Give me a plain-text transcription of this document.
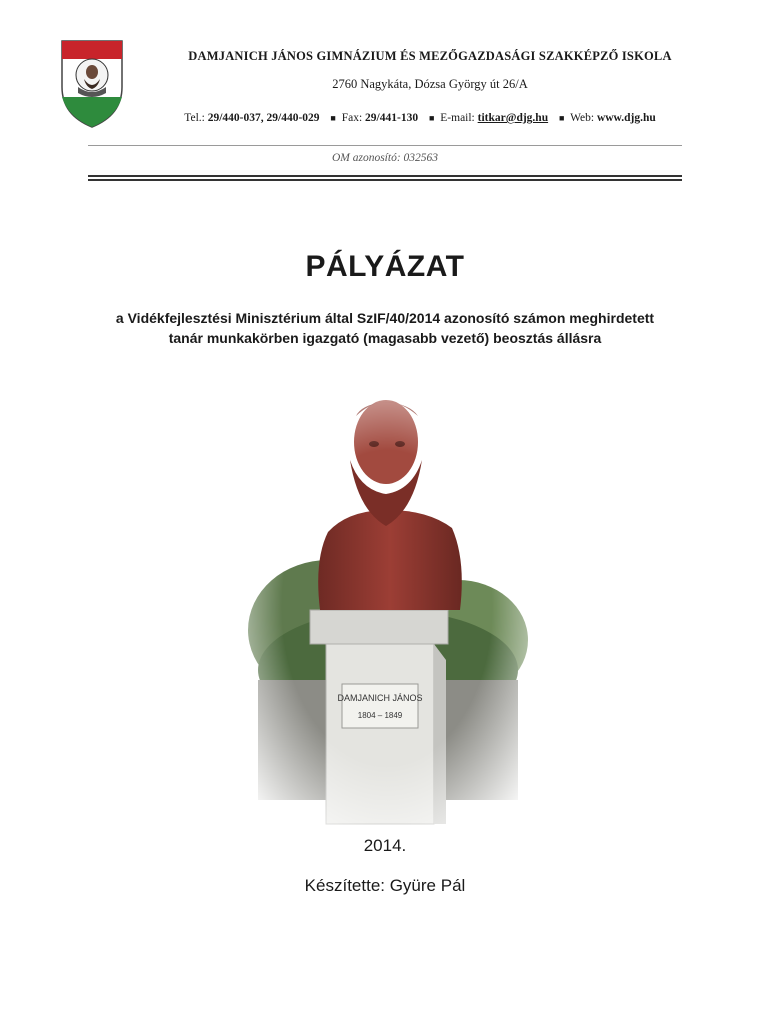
DAMJANICH JÁNOS GIMNÁZIUM ÉS MEZŐGAZDASÁGI SZAKKÉPZŐ ISKOLA
2760 Nagykáta, Dózsa György út 26/A
Tel.: 29/440-037, 29/440-029 ■ Fax: 29/441-130 ■ E-mail: titkar@djg.hu ■ Web: www.djg.hu
OM azonosító: 032563
PÁLYÁZAT
a Vidékfejlesztési Minisztérium által SzIF/40/2014 azonosító számon meghirdetett
tanár munkakörben igazgató (magasabb vezető) beosztás állásra
2014.
Készítette: Gyüre Pál
